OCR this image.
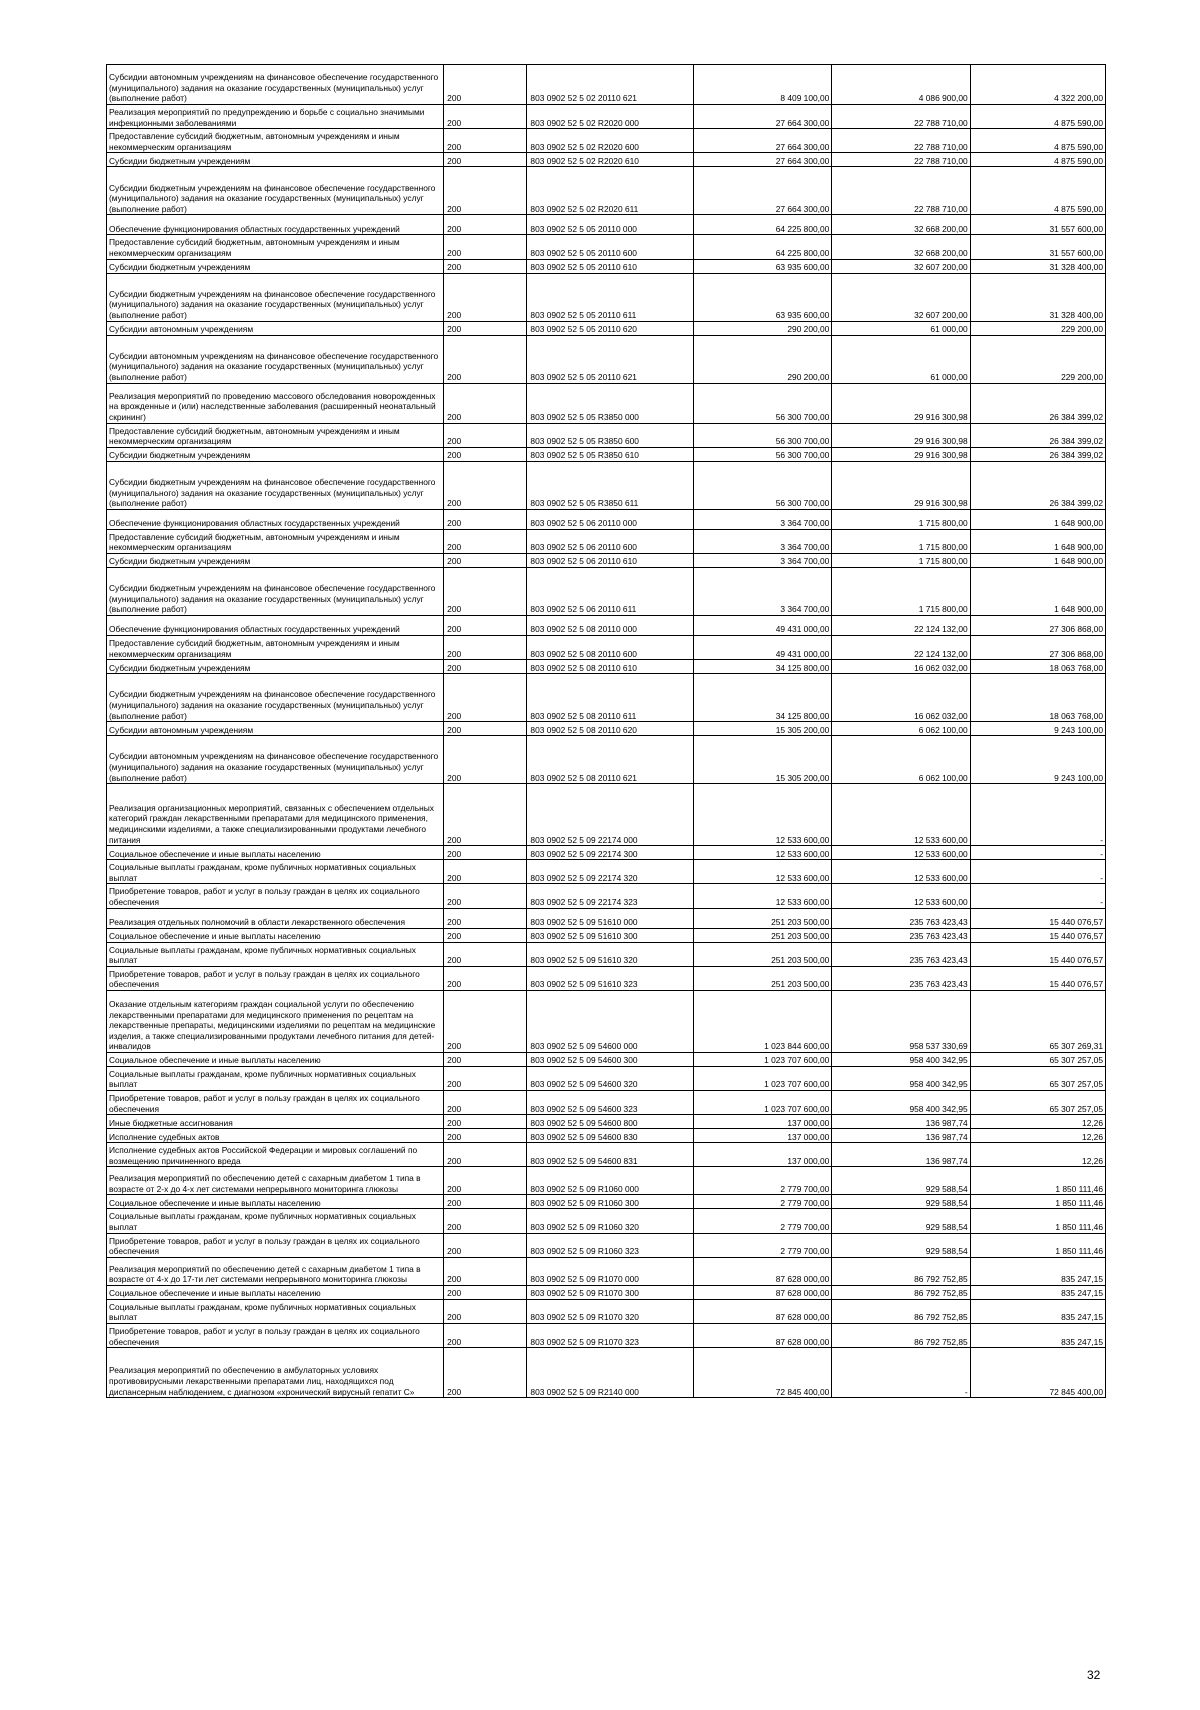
Субсидии автономным учреждениям на финансовое обеспечение государственного (муниципального) задания на оказание государственных (муниципальных) услуг (выполнение работ)	200	803 0902 52 5 02 20110 621	8 409 100,00	4 086 900,00	4 322 200,00
Реализация мероприятий по предупреждению и борьбе с социально значимыми инфекционными заболеваниями	200	803 0902 52 5 02 R2020 000	27 664 300,00	22 788 710,00	4 875 590,00
Предоставление субсидий бюджетным, автономным учреждениям и иным некоммерческим организациям	200	803 0902 52 5 02 R2020 600	27 664 300,00	22 788 710,00	4 875 590,00
Субсидии бюджетным учреждениям	200	803 0902 52 5 02 R2020 610	27 664 300,00	22 788 710,00	4 875 590,00
Субсидии бюджетным учреждениям на финансовое обеспечение государственного (муниципального) задания на оказание государственных (муниципальных) услуг (выполнение работ)	200	803 0902 52 5 02 R2020 611	27 664 300,00	22 788 710,00	4 875 590,00
Обеспечение функционирования областных государственных учреждений	200	803 0902 52 5 05 20110 000	64 225 800,00	32 668 200,00	31 557 600,00
Предоставление субсидий бюджетным, автономным учреждениям и иным некоммерческим организациям	200	803 0902 52 5 05 20110 600	64 225 800,00	32 668 200,00	31 557 600,00
Субсидии бюджетным учреждениям	200	803 0902 52 5 05 20110 610	63 935 600,00	32 607 200,00	31 328 400,00
Субсидии бюджетным учреждениям на финансовое обеспечение государственного (муниципального) задания на оказание государственных (муниципальных) услуг (выполнение работ)	200	803 0902 52 5 05 20110 611	63 935 600,00	32 607 200,00	31 328 400,00
Субсидии автономным учреждениям	200	803 0902 52 5 05 20110 620	290 200,00	61 000,00	229 200,00
Субсидии автономным учреждениям на финансовое обеспечение государственного (муниципального) задания на оказание государственных (муниципальных) услуг (выполнение работ)	200	803 0902 52 5 05 20110 621	290 200,00	61 000,00	229 200,00
Реализация мероприятий по проведению массового обследования новорожденных на врожденные и (или) наследственные заболевания (расширенный неонатальный скрининг)	200	803 0902 52 5 05 R3850 000	56 300 700,00	29 916 300,98	26 384 399,02
Предоставление субсидий бюджетным, автономным учреждениям и иным некоммерческим организациям	200	803 0902 52 5 05 R3850 600	56 300 700,00	29 916 300,98	26 384 399,02
Субсидии бюджетным учреждениям	200	803 0902 52 5 05 R3850 610	56 300 700,00	29 916 300,98	26 384 399,02
Субсидии бюджетным учреждениям на финансовое обеспечение государственного (муниципального) задания на оказание государственных (муниципальных) услуг (выполнение работ)	200	803 0902 52 5 05 R3850 611	56 300 700,00	29 916 300,98	26 384 399,02
Обеспечение функционирования областных государственных учреждений	200	803 0902 52 5 06 20110 000	3 364 700,00	1 715 800,00	1 648 900,00
Предоставление субсидий бюджетным, автономным учреждениям и иным некоммерческим организациям	200	803 0902 52 5 06 20110 600	3 364 700,00	1 715 800,00	1 648 900,00
Субсидии бюджетным учреждениям	200	803 0902 52 5 06 20110 610	3 364 700,00	1 715 800,00	1 648 900,00
Субсидии бюджетным учреждениям на финансовое обеспечение государственного (муниципального) задания на оказание государственных (муниципальных) услуг (выполнение работ)	200	803 0902 52 5 06 20110 611	3 364 700,00	1 715 800,00	1 648 900,00
Обеспечение функционирования областных государственных учреждений	200	803 0902 52 5 08 20110 000	49 431 000,00	22 124 132,00	27 306 868,00
Предоставление субсидий бюджетным, автономным учреждениям и иным некоммерческим организациям	200	803 0902 52 5 08 20110 600	49 431 000,00	22 124 132,00	27 306 868,00
Субсидии бюджетным учреждениям	200	803 0902 52 5 08 20110 610	34 125 800,00	16 062 032,00	18 063 768,00
Субсидии бюджетным учреждениям на финансовое обеспечение государственного (муниципального) задания на оказание государственных (муниципальных) услуг (выполнение работ)	200	803 0902 52 5 08 20110 611	34 125 800,00	16 062 032,00	18 063 768,00
Субсидии автономным учреждениям	200	803 0902 52 5 08 20110 620	15 305 200,00	6 062 100,00	9 243 100,00
Субсидии автономным учреждениям на финансовое обеспечение государственного (муниципального) задания на оказание государственных (муниципальных) услуг (выполнение работ)	200	803 0902 52 5 08 20110 621	15 305 200,00	6 062 100,00	9 243 100,00
Реализация организационных мероприятий, связанных с обеспечением отдельных категорий граждан лекарственными препаратами для медицинского применения, медицинскими изделиями, а также специализированными продуктами лечебного питания	200	803 0902 52 5 09 22174 000	12 533 600,00	12 533 600,00	-
Социальное обеспечение и иные выплаты населению	200	803 0902 52 5 09 22174 300	12 533 600,00	12 533 600,00	-
Социальные выплаты гражданам, кроме публичных нормативных социальных выплат	200	803 0902 52 5 09 22174 320	12 533 600,00	12 533 600,00	-
Приобретение товаров, работ и услуг в пользу граждан в целях их социального обеспечения	200	803 0902 52 5 09 22174 323	12 533 600,00	12 533 600,00	-
Реализация отдельных полномочий в области лекарственного обеспечения	200	803 0902 52 5 09 51610 000	251 203 500,00	235 763 423,43	15 440 076,57
Социальное обеспечение и иные выплаты населению	200	803 0902 52 5 09 51610 300	251 203 500,00	235 763 423,43	15 440 076,57
Социальные выплаты гражданам, кроме публичных нормативных социальных выплат	200	803 0902 52 5 09 51610 320	251 203 500,00	235 763 423,43	15 440 076,57
Приобретение товаров, работ и услуг в пользу граждан в целях их социального обеспечения	200	803 0902 52 5 09 51610 323	251 203 500,00	235 763 423,43	15 440 076,57
Оказание отдельным категориям граждан социальной услуги по обеспечению лекарственными препаратами для медицинского применения по рецептам на лекарственные препараты, медицинскими изделиями по рецептам на медицинские изделия, а также специализированными продуктами лечебного питания для детей-инвалидов	200	803 0902 52 5 09 54600 000	1 023 844 600,00	958 537 330,69	65 307 269,31
Социальное обеспечение и иные выплаты населению	200	803 0902 52 5 09 54600 300	1 023 707 600,00	958 400 342,95	65 307 257,05
Социальные выплаты гражданам, кроме публичных нормативных социальных выплат	200	803 0902 52 5 09 54600 320	1 023 707 600,00	958 400 342,95	65 307 257,05
Приобретение товаров, работ и услуг в пользу граждан в целях их социального обеспечения	200	803 0902 52 5 09 54600 323	1 023 707 600,00	958 400 342,95	65 307 257,05
Иные бюджетные ассигнования	200	803 0902 52 5 09 54600 800	137 000,00	136 987,74	12,26
Исполнение судебных актов	200	803 0902 52 5 09 54600 830	137 000,00	136 987,74	12,26
Исполнение судебных актов Российской Федерации и мировых соглашений по возмещению причиненного вреда	200	803 0902 52 5 09 54600 831	137 000,00	136 987,74	12,26
Реализация мероприятий по обеспечению детей с сахарным диабетом 1 типа в возрасте от 2-х до 4-х лет системами непрерывного мониторинга глюкозы	200	803 0902 52 5 09 R1060 000	2 779 700,00	929 588,54	1 850 111,46
Социальное обеспечение и иные выплаты населению	200	803 0902 52 5 09 R1060 300	2 779 700,00	929 588,54	1 850 111,46
Социальные выплаты гражданам, кроме публичных нормативных социальных выплат	200	803 0902 52 5 09 R1060 320	2 779 700,00	929 588,54	1 850 111,46
Приобретение товаров, работ и услуг в пользу граждан в целях их социального обеспечения	200	803 0902 52 5 09 R1060 323	2 779 700,00	929 588,54	1 850 111,46
Реализация мероприятий по обеспечению детей с сахарным диабетом 1 типа в возрасте от 4-х до 17-ти лет системами непрерывного мониторинга глюкозы	200	803 0902 52 5 09 R1070 000	87 628 000,00	86 792 752,85	835 247,15
Социальное обеспечение и иные выплаты населению	200	803 0902 52 5 09 R1070 300	87 628 000,00	86 792 752,85	835 247,15
Социальные выплаты гражданам, кроме публичных нормативных социальных выплат	200	803 0902 52 5 09 R1070 320	87 628 000,00	86 792 752,85	835 247,15
Приобретение товаров, работ и услуг в пользу граждан в целях их социального обеспечения	200	803 0902 52 5 09 R1070 323	87 628 000,00	86 792 752,85	835 247,15
Реализация мероприятий по обеспечению в амбулаторных условиях противовирусными лекарственными препаратами лиц, находящихся под диспансерным наблюдением, с диагнозом «хронический вирусный гепатит С»	200	803 0902 52 5 09 R2140 000	72 845 400,00	-	72 845 400,00
32
